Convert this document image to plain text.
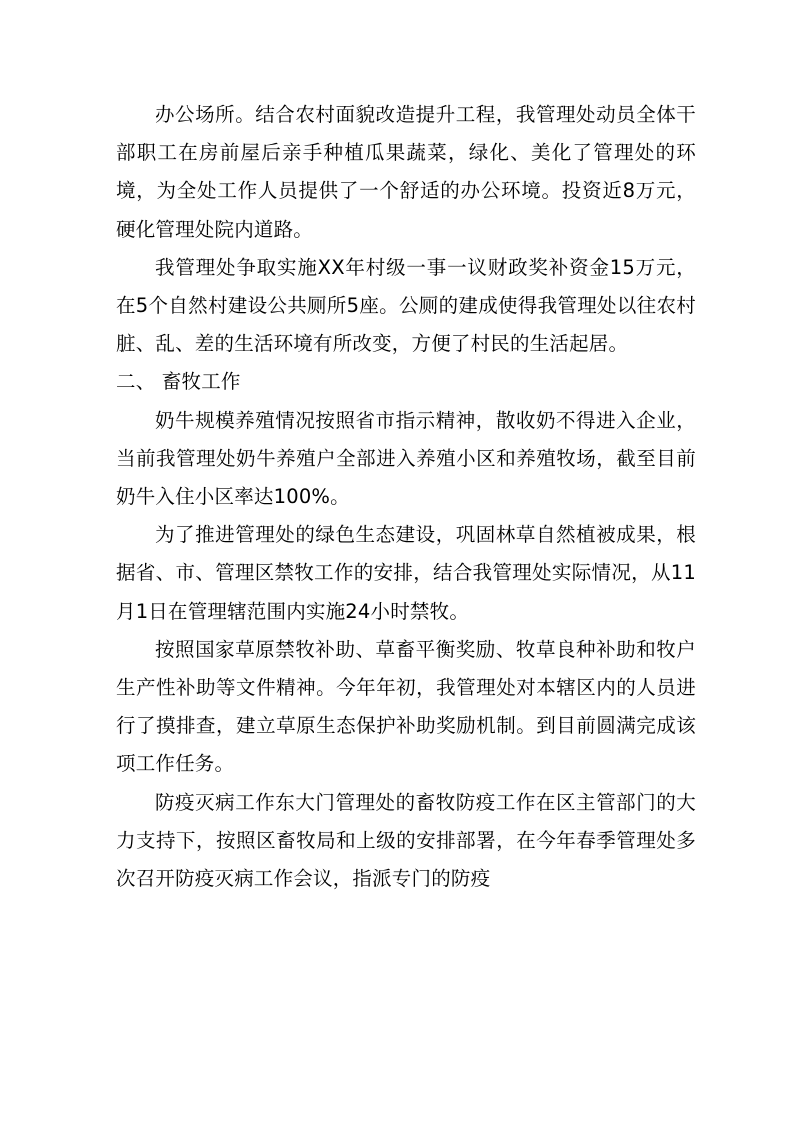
办公场所。结合农村面貌改造提升工程，我管理处动员全体干部职工在房前屋后亲手种植瓜果蔬菜，绿化、美化了管理处的环境，为全处工作人员提供了一个舒适的办公环境。投资近8万元，硬化管理处院内道路。

我管理处争取实施XX年村级一事一议财政奖补资金15万元，在5个自然村建设公共厕所5座。公厕的建成使得我管理处以往农村脏、乱、差的生活环境有所改变，方便了村民的生活起居。

二、 畜牧工作

奶牛规模养殖情况按照省市指示精神，散收奶不得进入企业，当前我管理处奶牛养殖户全部进入养殖小区和养殖牧场，截至目前奶牛入住小区率达100%。

为了推进管理处的绿色生态建设，巩固林草自然植被成果，根据省、市、管理区禁牧工作的安排，结合我管理处实际情况，从11月1日在管理辖范围内实施24小时禁牧。

按照国家草原禁牧补助、草畜平衡奖励、牧草良种补助和牧户生产性补助等文件精神。今年年初，我管理处对本辖区内的人员进行了摸排查，建立草原生态保护补助奖励机制。到目前圆满完成该项工作任务。

防疫灭病工作东大门管理处的畜牧防疫工作在区主管部门的大力支持下，按照区畜牧局和上级的安排部署，在今年春季管理处多次召开防疫灭病工作会议，指派专门的防疫
